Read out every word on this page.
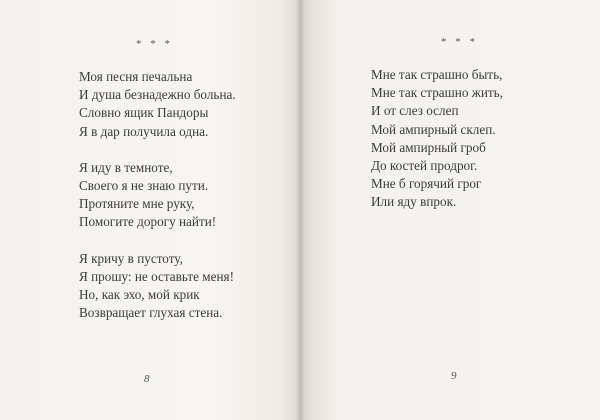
* * *
Моя песня печальна
И душа безнадежно больна.
Словно ящик Пандоры
Я в дар получила одна.
Я иду в темноте,
Своего я не знаю пути.
Протяните мне руку,
Помогите дорогу найти!
Я кричу в пустоту,
Я прошу: не оставьте меня!
Но, как эхо, мой крик
Возвращает глухая стена.
8
* * *
Мне так страшно быть,
Мне так страшно жить,
И от слез ослеп
Мой ампирный склеп.
Мой ампирный гроб
До костей продрог.
Мне б горячий грог
Или яду впрок.
9
